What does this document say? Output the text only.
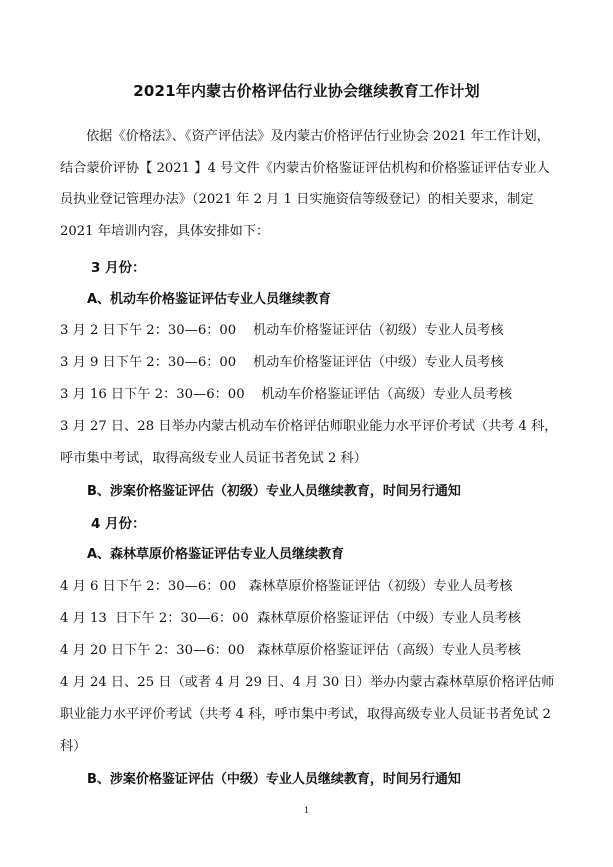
2021年内蒙古价格评估行业协会继续教育工作计划
依据《价格法》、《资产评估法》及内蒙古价格评估行业协会 2021 年工作计划，结合蒙价评协【 2021 】4 号文件《内蒙古价格鉴证评估机构和价格鉴证评估专业人员执业登记管理办法》（2021 年 2 月 1 日实施资信等级登记）的相关要求，制定 2021 年培训内容，具体安排如下：
3 月份：
A、机动车价格鉴证评估专业人员继续教育
3 月 2 日下午 2：30—6：00    机动车价格鉴证评估（初级）专业人员考核
3 月 9 日下午 2：30—6：00    机动车价格鉴证评估（中级）专业人员考核
3 月 16 日下午 2：30—6：00    机动车价格鉴证评估（高级）专业人员考核
3 月 27 日、28 日举办内蒙古机动车价格评估师职业能力水平评价考试（共考 4 科，呼市集中考试，取得高级专业人员证书者免试 2 科）
B、涉案价格鉴证评估（初级）专业人员继续教育，时间另行通知
4 月份：
A、森林草原价格鉴证评估专业人员继续教育
4 月 6 日下午 2：30—6：00   森林草原价格鉴证评估（初级）专业人员考核
4 月 13  日下午 2：30—6：00  森林草原价格鉴证评估（中级）专业人员考核
4 月 20 日下午 2：30—6：00   森林草原价格鉴证评估（高级）专业人员考核
4 月 24 日、25 日（或者 4 月 29 日、4 月 30 日）举办内蒙古森林草原价格评估师职业能力水平评价考试（共考 4 科，呼市集中考试，取得高级专业人员证书者免试 2 科）
B、涉案价格鉴证评估（中级）专业人员继续教育，时间另行通知
1
